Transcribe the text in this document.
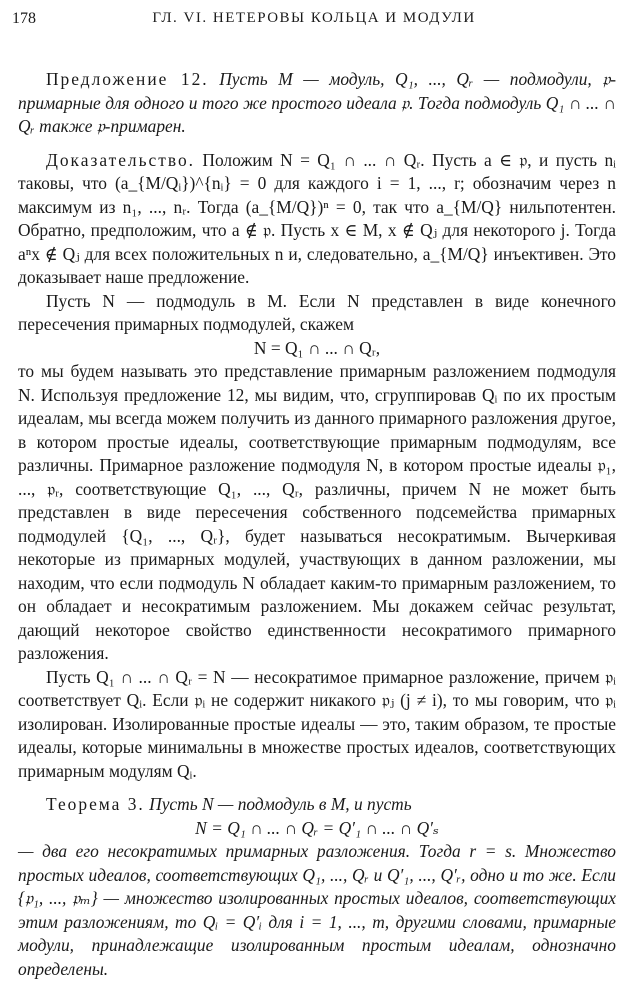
178	ГЛ. VI. НЕТЕРОВЫ КОЛЬЦА И МОДУЛИ

Предложение 12. Пусть M — модуль, Q₁, ..., Qᵣ — подмодули, 𝔭-примарные для одного и того же простого идеала 𝔭. Тогда подмодуль Q₁ ∩ ... ∩ Qᵣ также 𝔭-примарен.

Доказательство. Положим N = Q₁ ∩ ... ∩ Qᵣ. Пусть a ∈ 𝔭, и пусть nᵢ таковы, что (a_{M/Qᵢ})^{nᵢ} = 0 для каждого i = 1, ..., r; обозначим через n максимум из n₁, ..., nᵣ. Тогда (a_{M/Q})ⁿ = 0, так что a_{M/Q} нильпотентен. Обратно, предположим, что a ∉ 𝔭. Пусть x ∈ M, x ∉ Qⱼ для некоторого j. Тогда aⁿx ∉ Qⱼ для всех положительных n и, следовательно, a_{M/Q} инъективен. Это доказывает наше предложение.

Пусть N — подмодуль в M. Если N представлен в виде конечного пересечения примарных подмодулей, скажем

N = Q₁ ∩ ... ∩ Qᵣ,

то мы будем называть это представление примарным разложением подмодуля N. Используя предложение 12, мы видим, что, сгруппировав Qᵢ по их простым идеалам, мы всегда можем получить из данного примарного разложения другое, в котором простые идеалы, соответствующие примарным подмодулям, все различны. Примарное разложение подмодуля N, в котором простые идеалы 𝔭₁, ..., 𝔭ᵣ, соответствующие Q₁, ..., Qᵣ, различны, причем N не может быть представлен в виде пересечения собственного подсемейства примарных подмодулей {Q₁, ..., Qᵣ}, будет называться несократимым. Вычеркивая некоторые из примарных модулей, участвующих в данном разложении, мы находим, что если подмодуль N обладает каким-то примарным разложением, то он обладает и несократимым разложением. Мы докажем сейчас результат, дающий некоторое свойство единственности несократимого примарного разложения.

Пусть Q₁ ∩ ... ∩ Qᵣ = N — несократимое примарное разложение, причем 𝔭ᵢ соответствует Qᵢ. Если 𝔭ᵢ не содержит никакого 𝔭ⱼ (j ≠ i), то мы говорим, что 𝔭ᵢ изолирован. Изолированные простые идеалы — это, таким образом, те простые идеалы, которые минимальны в множестве простых идеалов, соответствующих примарным модулям Qᵢ.

Теорема 3. Пусть N — подмодуль в M, и пусть

N = Q₁ ∩ ... ∩ Qᵣ = Q′₁ ∩ ... ∩ Q′ₛ

— два его несократимых примарных разложения. Тогда r = s. Множество простых идеалов, соответствующих Q₁, ..., Qᵣ и Q′₁, ..., Q′ᵣ, одно и то же. Если {𝔭₁, ..., 𝔭ₘ} — множество изолированных простых идеалов, соответствующих этим разложениям, то Qᵢ = Q′ᵢ для i = 1, ..., m, другими словами, примарные модули, принадлежащие изолированным простым идеалам, однозначно определены.
